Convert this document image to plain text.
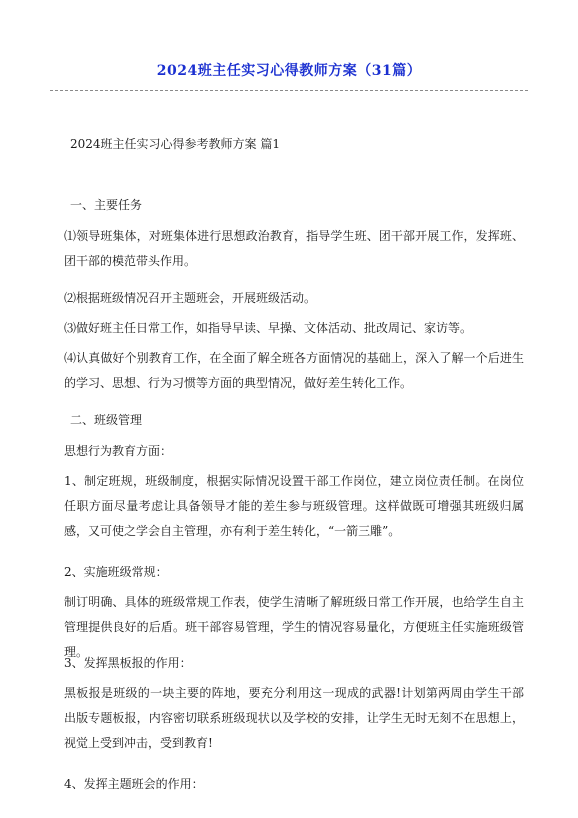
2024班主任实习心得教师方案（31篇）
2024班主任实习心得参考教师方案 篇1
一、主要任务
⑴领导班集体，对班集体进行思想政治教育，指导学生班、团干部开展工作，发挥班、团干部的模范带头作用。
⑵根据班级情况召开主题班会，开展班级活动。
⑶做好班主任日常工作，如指导早读、早操、文体活动、批改周记、家访等。
⑷认真做好个别教育工作，在全面了解全班各方面情况的基础上，深入了解一个后进生的学习、思想、行为习惯等方面的典型情况，做好差生转化工作。
二、班级管理
思想行为教育方面：
1、制定班规，班级制度，根据实际情况设置干部工作岗位，建立岗位责任制。在岗位任职方面尽量考虑让具备领导才能的差生参与班级管理。这样做既可增强其班级归属感，又可使之学会自主管理，亦有利于差生转化，“一箭三雕”。
2、实施班级常规：
制订明确、具体的班级常规工作表，使学生清晰了解班级日常工作开展，也给学生自主管理提供良好的后盾。班干部容易管理，学生的情况容易量化，方便班主任实施班级管理。
3、发挥黑板报的作用：
黑板报是班级的一块主要的阵地，要充分利用这一现成的武器!计划第两周由学生干部出版专题板报，内容密切联系班级现状以及学校的安排，让学生无时无刻不在思想上，视觉上受到冲击，受到教育!
4、发挥主题班会的作用：
